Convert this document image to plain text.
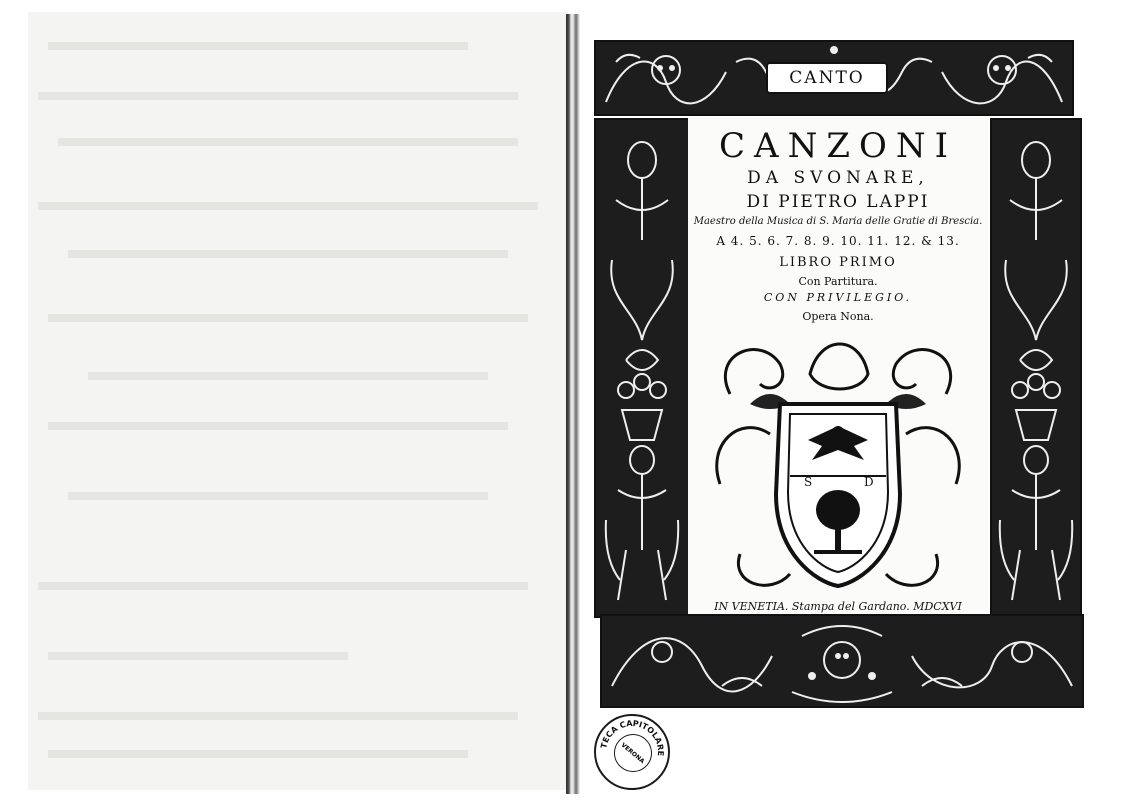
CANTO
CANZONI
DA SVONARE,
DI PIETRO LAPPI
Maestro della Musica di S. Maria delle Gratie di Brescia.
A 4. 5. 6. 7. 8. 9. 10. 11. 12. & 13.
LIBRO PRIMO
Con Partitura.
CON PRIVILEGIO.
Opera Nona.
S	D
IN VENETIA. Stampa del Gardano. MDCXVI
TECA CAPITOLARE
VERONA
